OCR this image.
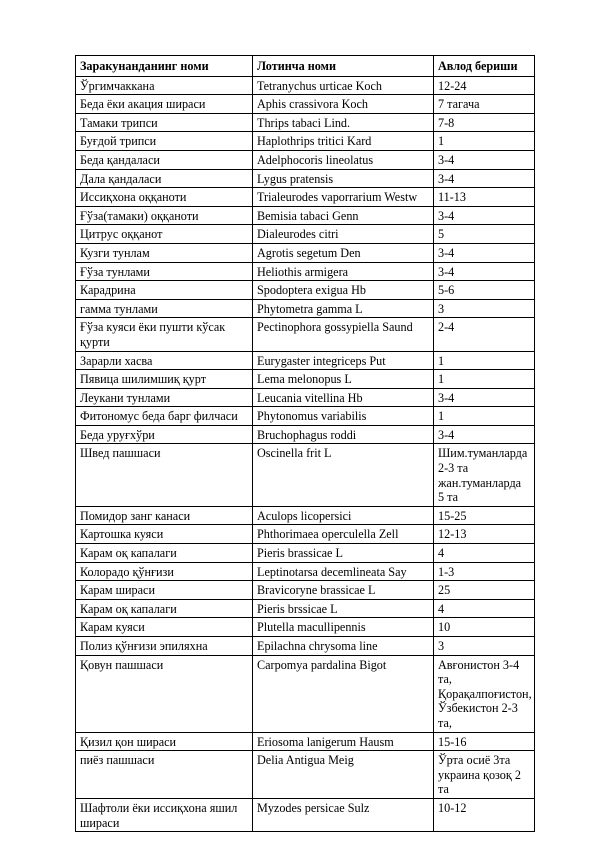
Заракунанданинг номи	Лотинча номи	Авлод бериши
Ўргимчаккана	Tetranychus urticae Koch	12-24
Беда ёки акация шираси	Aphis crassivora Koch	7 тагача
Тамаки трипси	Thrips tabaci Lind.	7-8
Буғдой трипси	Haplothrips tritici Kard	1
Беда қандаласи	Adelphocoris lineolatus	3-4
Дала қандаласи	Lygus pratensis	3-4
Иссиқхона оққаноти	Trialeurodes vaporrarium Westw	11-13
Ғўза(тамаки) оққаноти	Bemisia tabaci Genn	3-4
Цитрус оққанот	Dialeurodes citri	5
Кузги тунлам	Agrotis segetum Den	3-4
Ғўза тунлами	Heliothis armigera	3-4
Карадрина	Spodoptera exigua Hb	5-6
гамма тунлами	Phytometra gamma L	3
Ғўза куяси ёки пушти кўсак қурти	Pectinophora gossypiella Saund	2-4
Зарарли хасва	Eurygaster integriceps Put	1
Пявица шилимшиқ қурт	Lema melonopus L	1
Леукани тунлами	Leucania vitellina Hb	3-4
Фитономус беда барг филчаси	Phytonomus variabilis	1
Беда уруғхўри	Bruchophagus roddi	3-4
Швед пашшаси	Oscinella frit L	Шим.туманларда 2-3 та жан.туманларда 5 та
Помидор занг канаси	Aculops licopersici	15-25
Картошка куяси	Phthorimaea operculella Zell	12-13
Карам оқ капалаги	Pieris brassicae L	4
Колорадо қўнғизи	Leptinotarsa decemlineata Say	1-3
Карам шираси	Bravicoryne brassicae L	25
Карам оқ капалаги	Pieris brssicae L	4
Карам куяси	Plutella macullipennis	10
Полиз қўнғизи эпиляхна	Epilachna chrysoma line	3
Қовун пашшаси	Carpomya pardalina Bigot	Авғонистон 3-4 та, Қорақалпоғистон, Ўзбекистон 2-3 та,
Қизил қон шираси	Eriosoma lanigerum Hausm	15-16
пиёз пашшаси	Delia Antigua Meig	Ўрта осиё 3та украина қозоқ 2 та
Шафтоли ёки иссиқхона яшил шираси	Myzodes persicae Sulz	10-12
